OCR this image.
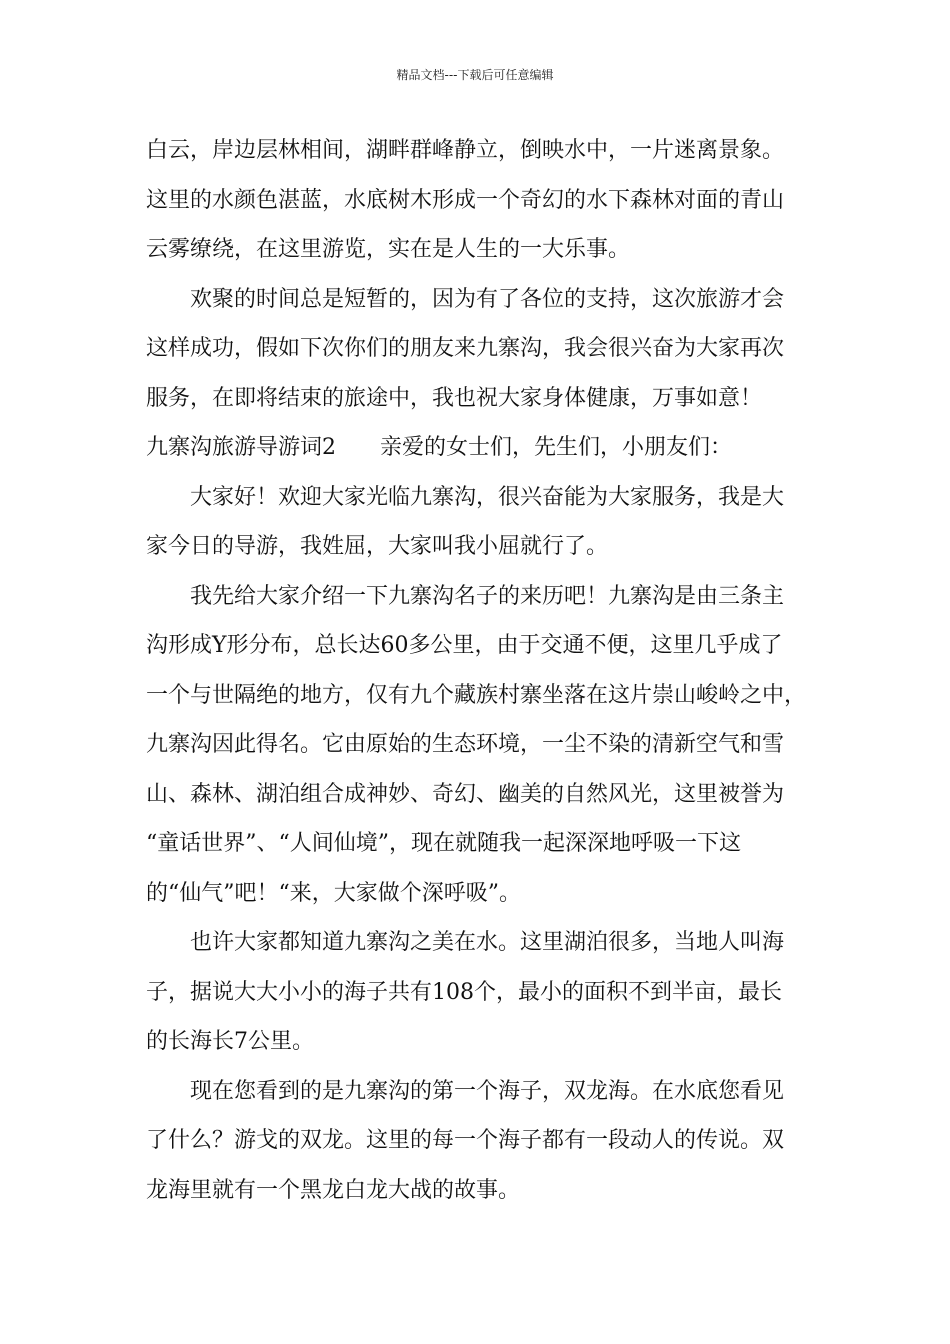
精品文档---下载后可任意编辑

白云，岸边层林相间，湖畔群峰静立，倒映水中，一片迷离景象。
这里的水颜色湛蓝，水底树木形成一个奇幻的水下森林对面的青山
云雾缭绕，在这里游览，实在是人生的一大乐事。

欢聚的时间总是短暂的，因为有了各位的支持，这次旅游才会
这样成功，假如下次你们的朋友来九寨沟，我会很兴奋为大家再次
服务，在即将结束的旅途中，我也祝大家身体健康，万事如意！

九寨沟旅游导游词2 亲爱的女士们，先生们，小朋友们：

大家好！欢迎大家光临九寨沟，很兴奋能为大家服务，我是大
家今日的导游，我姓屈，大家叫我小屈就行了。

我先给大家介绍一下九寨沟名子的来历吧！九寨沟是由三条主
沟形成Y形分布，总长达60多公里，由于交通不便，这里几乎成了
一个与世隔绝的地方，仅有九个藏族村寨坐落在这片崇山峻岭之中，
九寨沟因此得名。它由原始的生态环境，一尘不染的清新空气和雪
山、森林、湖泊组合成神妙、奇幻、幽美的自然风光，这里被誉为
“童话世界”、“人间仙境”，现在就随我一起深深地呼吸一下这
的“仙气”吧！“来，大家做个深呼吸”。

也许大家都知道九寨沟之美在水。这里湖泊很多，当地人叫海
子，据说大大小小的海子共有108个，最小的面积不到半亩，最长
的长海长7公里。

现在您看到的是九寨沟的第一个海子，双龙海。在水底您看见
了什么？游戈的双龙。这里的每一个海子都有一段动人的传说。双
龙海里就有一个黑龙白龙大战的故事。
